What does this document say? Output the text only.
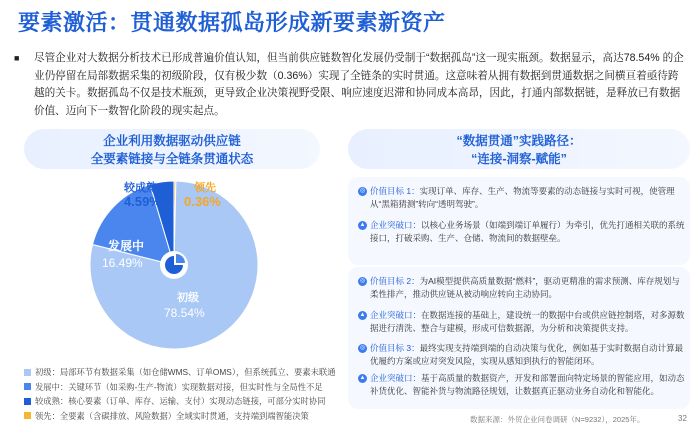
要素激活：贯通数据孤岛形成新要素新资产
■ 尽管企业对大数据分析技术已形成普遍价值认知，但当前供应链数智化发展仍受制于“数据孤岛”这一现实瓶颈。数据显示，高达78.54% 的企业仍停留在局部数据采集的初级阶段，仅有极少数（0.36%）实现了全链条的实时贯通。这意味着从拥有数据到贯通数据之间横亘着亟待跨越的关卡。数据孤岛不仅是技术瓶颈，更导致企业决策视野受限、响应速度迟滞和协同成本高昂，因此，打通内部数据链，是释放已有数据价值、迈向下一数智化阶段的现实起点。
企业利用数据驱动供应链
全要素链接与全链条贯通状态
较成熟
4.59%
领先
0.36%
发展中
16.49%
初级
78.54%
初级：局部环节有数据采集（如仓储WMS、订单OMS），但系统孤立、要素未联通
发展中：关键环节（如采购-生产-物流）实现数据对接，但实时性与全局性不足
较成熟：核心要素（订单、库存、运输、支付）实现动态链接，可部分实时协同
领先：全要素（含碳排放、风险数据）全域实时贯通，支持端到端智能决策
“数据贯通”实践路径：
“连接-洞察-赋能”
◎ 价值目标 1：实现订单、库存、生产、物流等要素的动态链接与实时可视，使管理从“黑箱猜测”转向“透明驾驶”。
▲ 企业突破口：以核心业务场景（如端到端订单履行）为牵引，优先打通相关联的系统接口，打破采购、生产、仓储、物流间的数据壁垒。
◎ 价值目标 2：为AI模型提供高质量数据“燃料”，驱动更精准的需求预测、库存规划与柔性排产，推动供应链从被动响应转向主动协同。
▲ 企业突破口：在数据连接的基础上，建设统一的数据中台或供应链控制塔，对多源数据进行清洗、整合与建模，形成可信数据源，为分析和决策提供支持。
◎ 价值目标 3：最终实现支持端到端的自动决策与优化，例如基于实时数据自动计算最优履约方案或应对突发风险，实现从感知到执行的智能闭环。
▲ 企业突破口：基于高质量的数据资产，开发和部署面向特定场景的智能应用，如动态补货优化、智能补货与物流路径规划，让数据真正驱动业务自动化和智能化。
数据来源：外贸企业问卷调研（N=9232），2025年。	32
